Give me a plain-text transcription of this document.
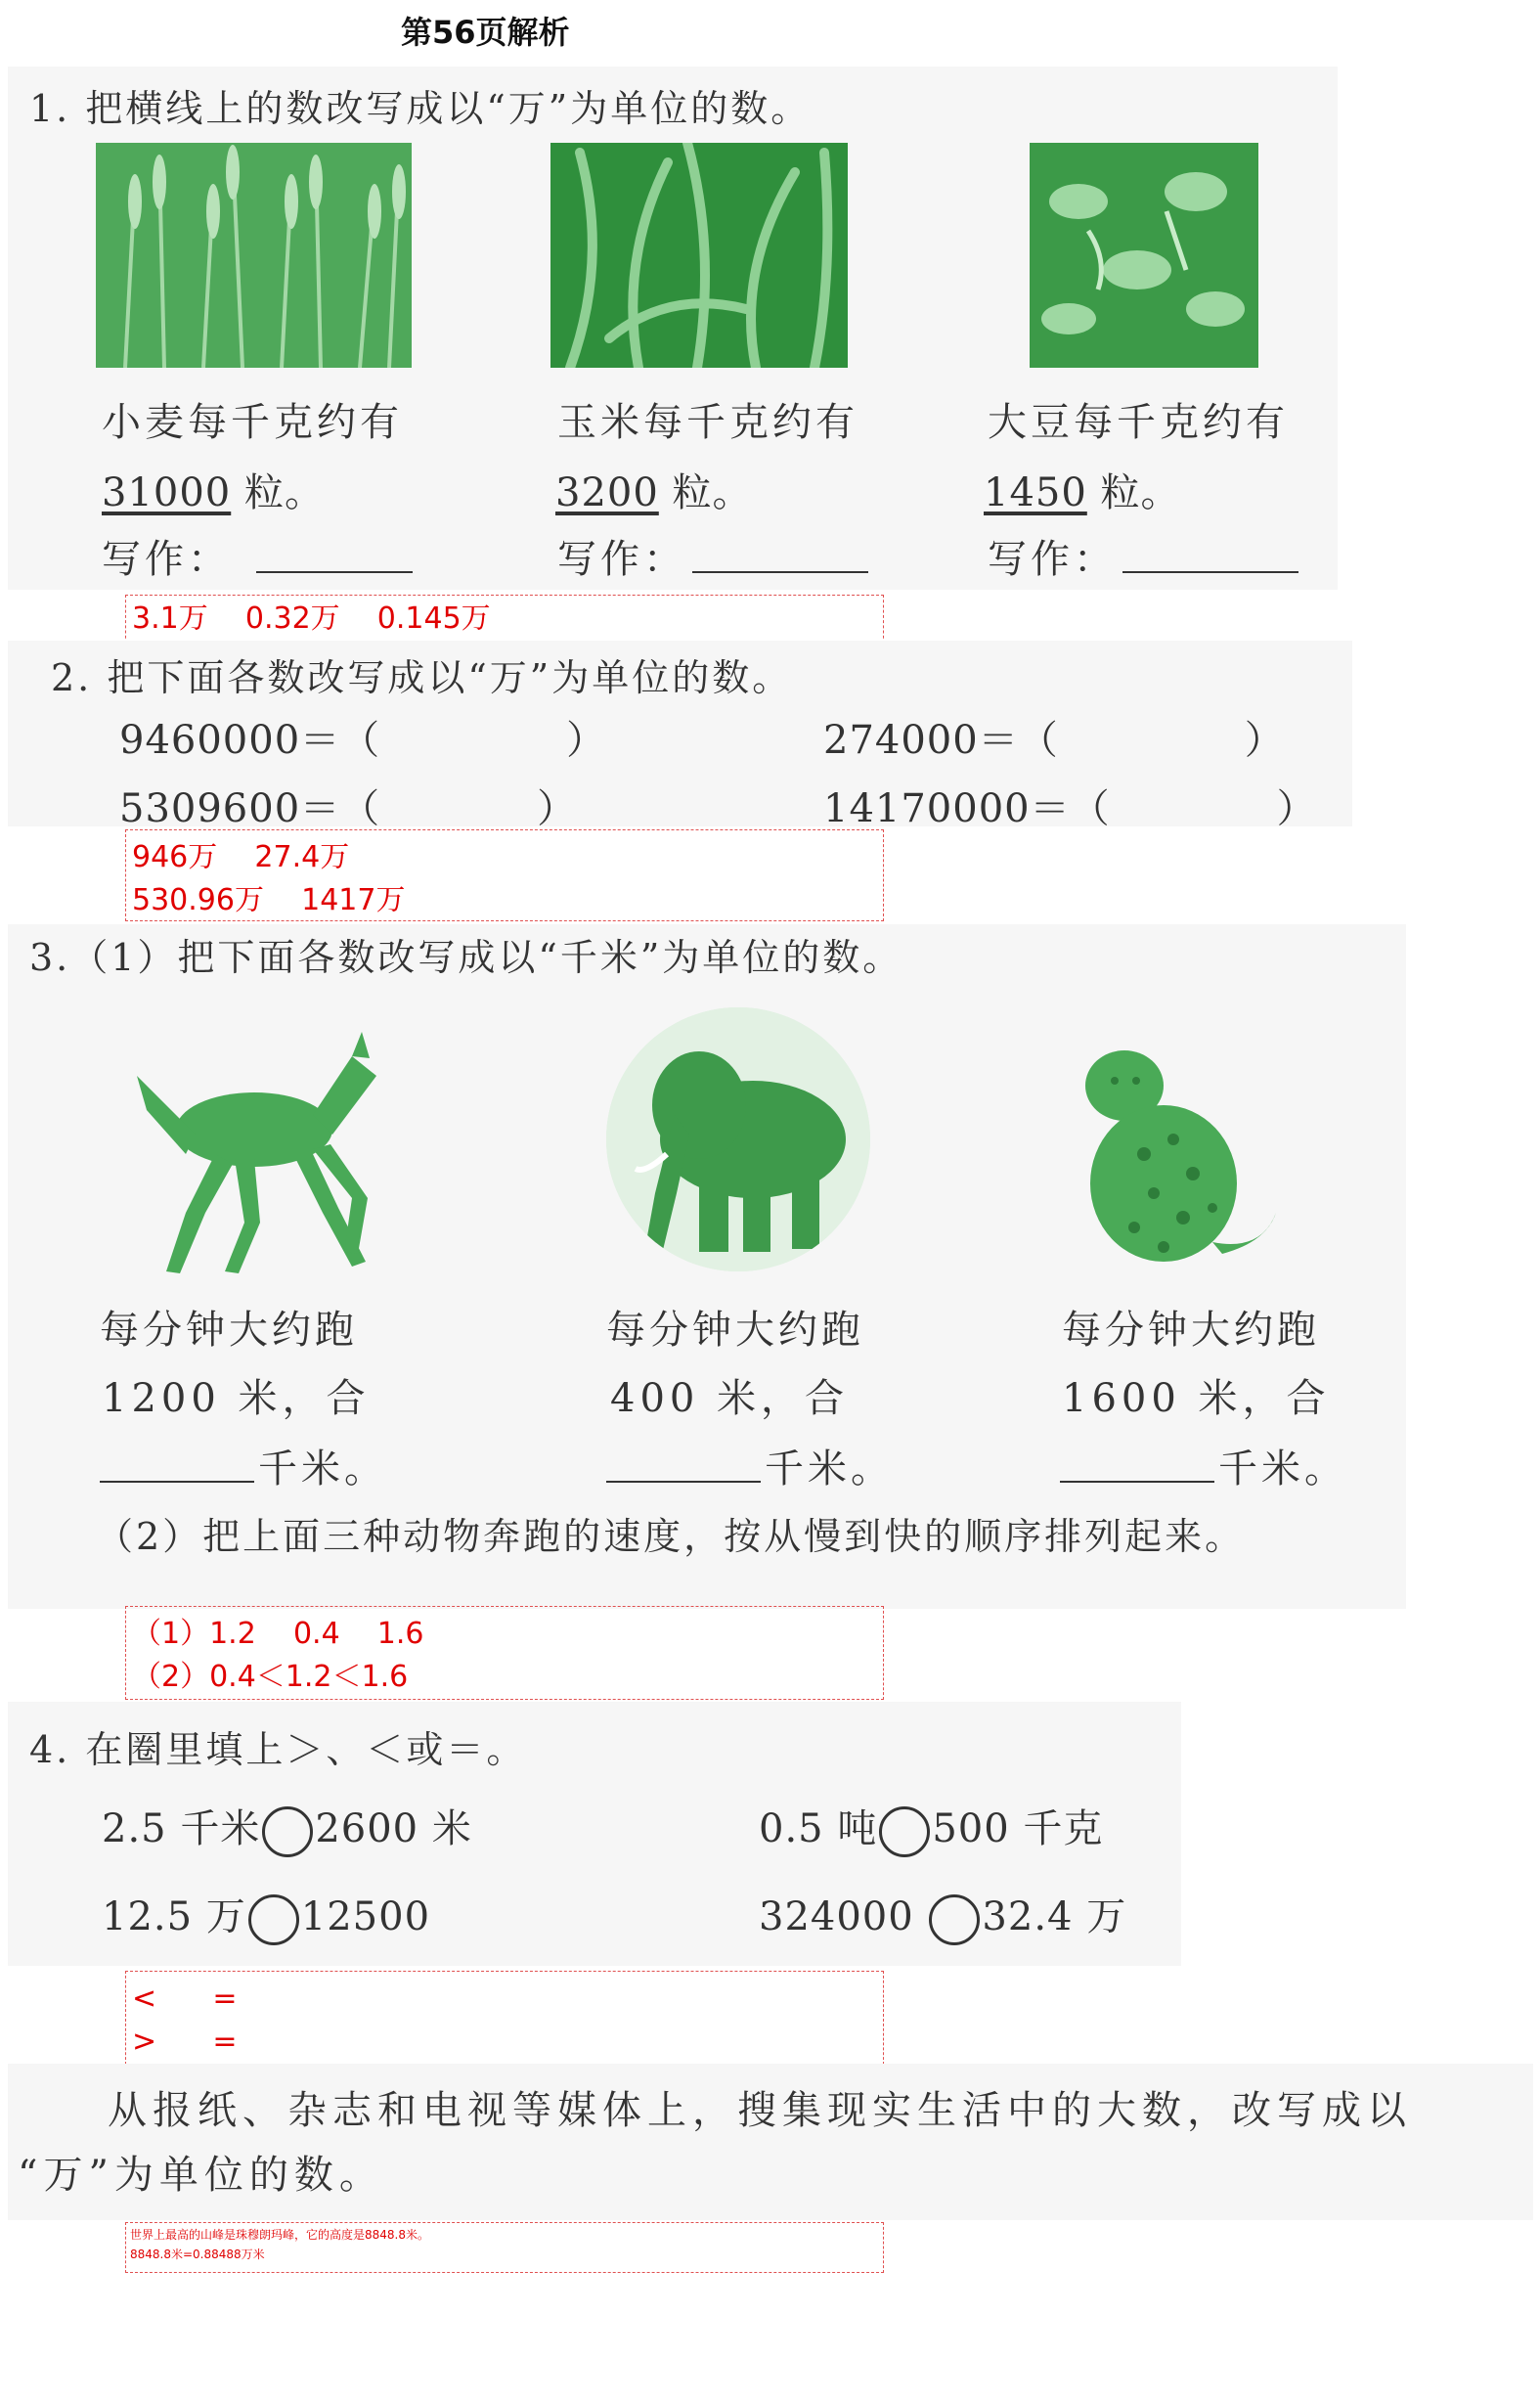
第56页解析
1. 把横线上的数改写成以“万”为单位的数。
小麦每千克约有
31000 粒。
写作：
玉米每千克约有
3200 粒。
写作：
大豆每千克约有
1450 粒。
写作：
3.1万    0.32万    0.145万
2. 把下面各数改写成以“万”为单位的数。
9460000＝（	）	274000＝（	）
5309600＝（	）	14170000＝（	）
946万    27.4万
530.96万    1417万
3.（1）把下面各数改写成以“千米”为单位的数。
每分钟大约跑
1200 米，合
千米。
每分钟大约跑
400 米，合
千米。
每分钟大约跑
1600 米，合
千米。
（2）把上面三种动物奔跑的速度，按从慢到快的顺序排列起来。
（1）1.2    0.4    1.6
（2）0.4＜1.2＜1.6
4. 在圈里填上＞、＜或＝。
2.5 千米 2600 米	0.5 吨 500 千克
12.5 万 12500	324000 32.4 万
<      =
>      =
从报纸、杂志和电视等媒体上，搜集现实生活中的大数，改写成以
“万”为单位的数。
世界上最高的山峰是珠穆朗玛峰，它的高度是8848.8米。
8848.8米=0.88488万米
